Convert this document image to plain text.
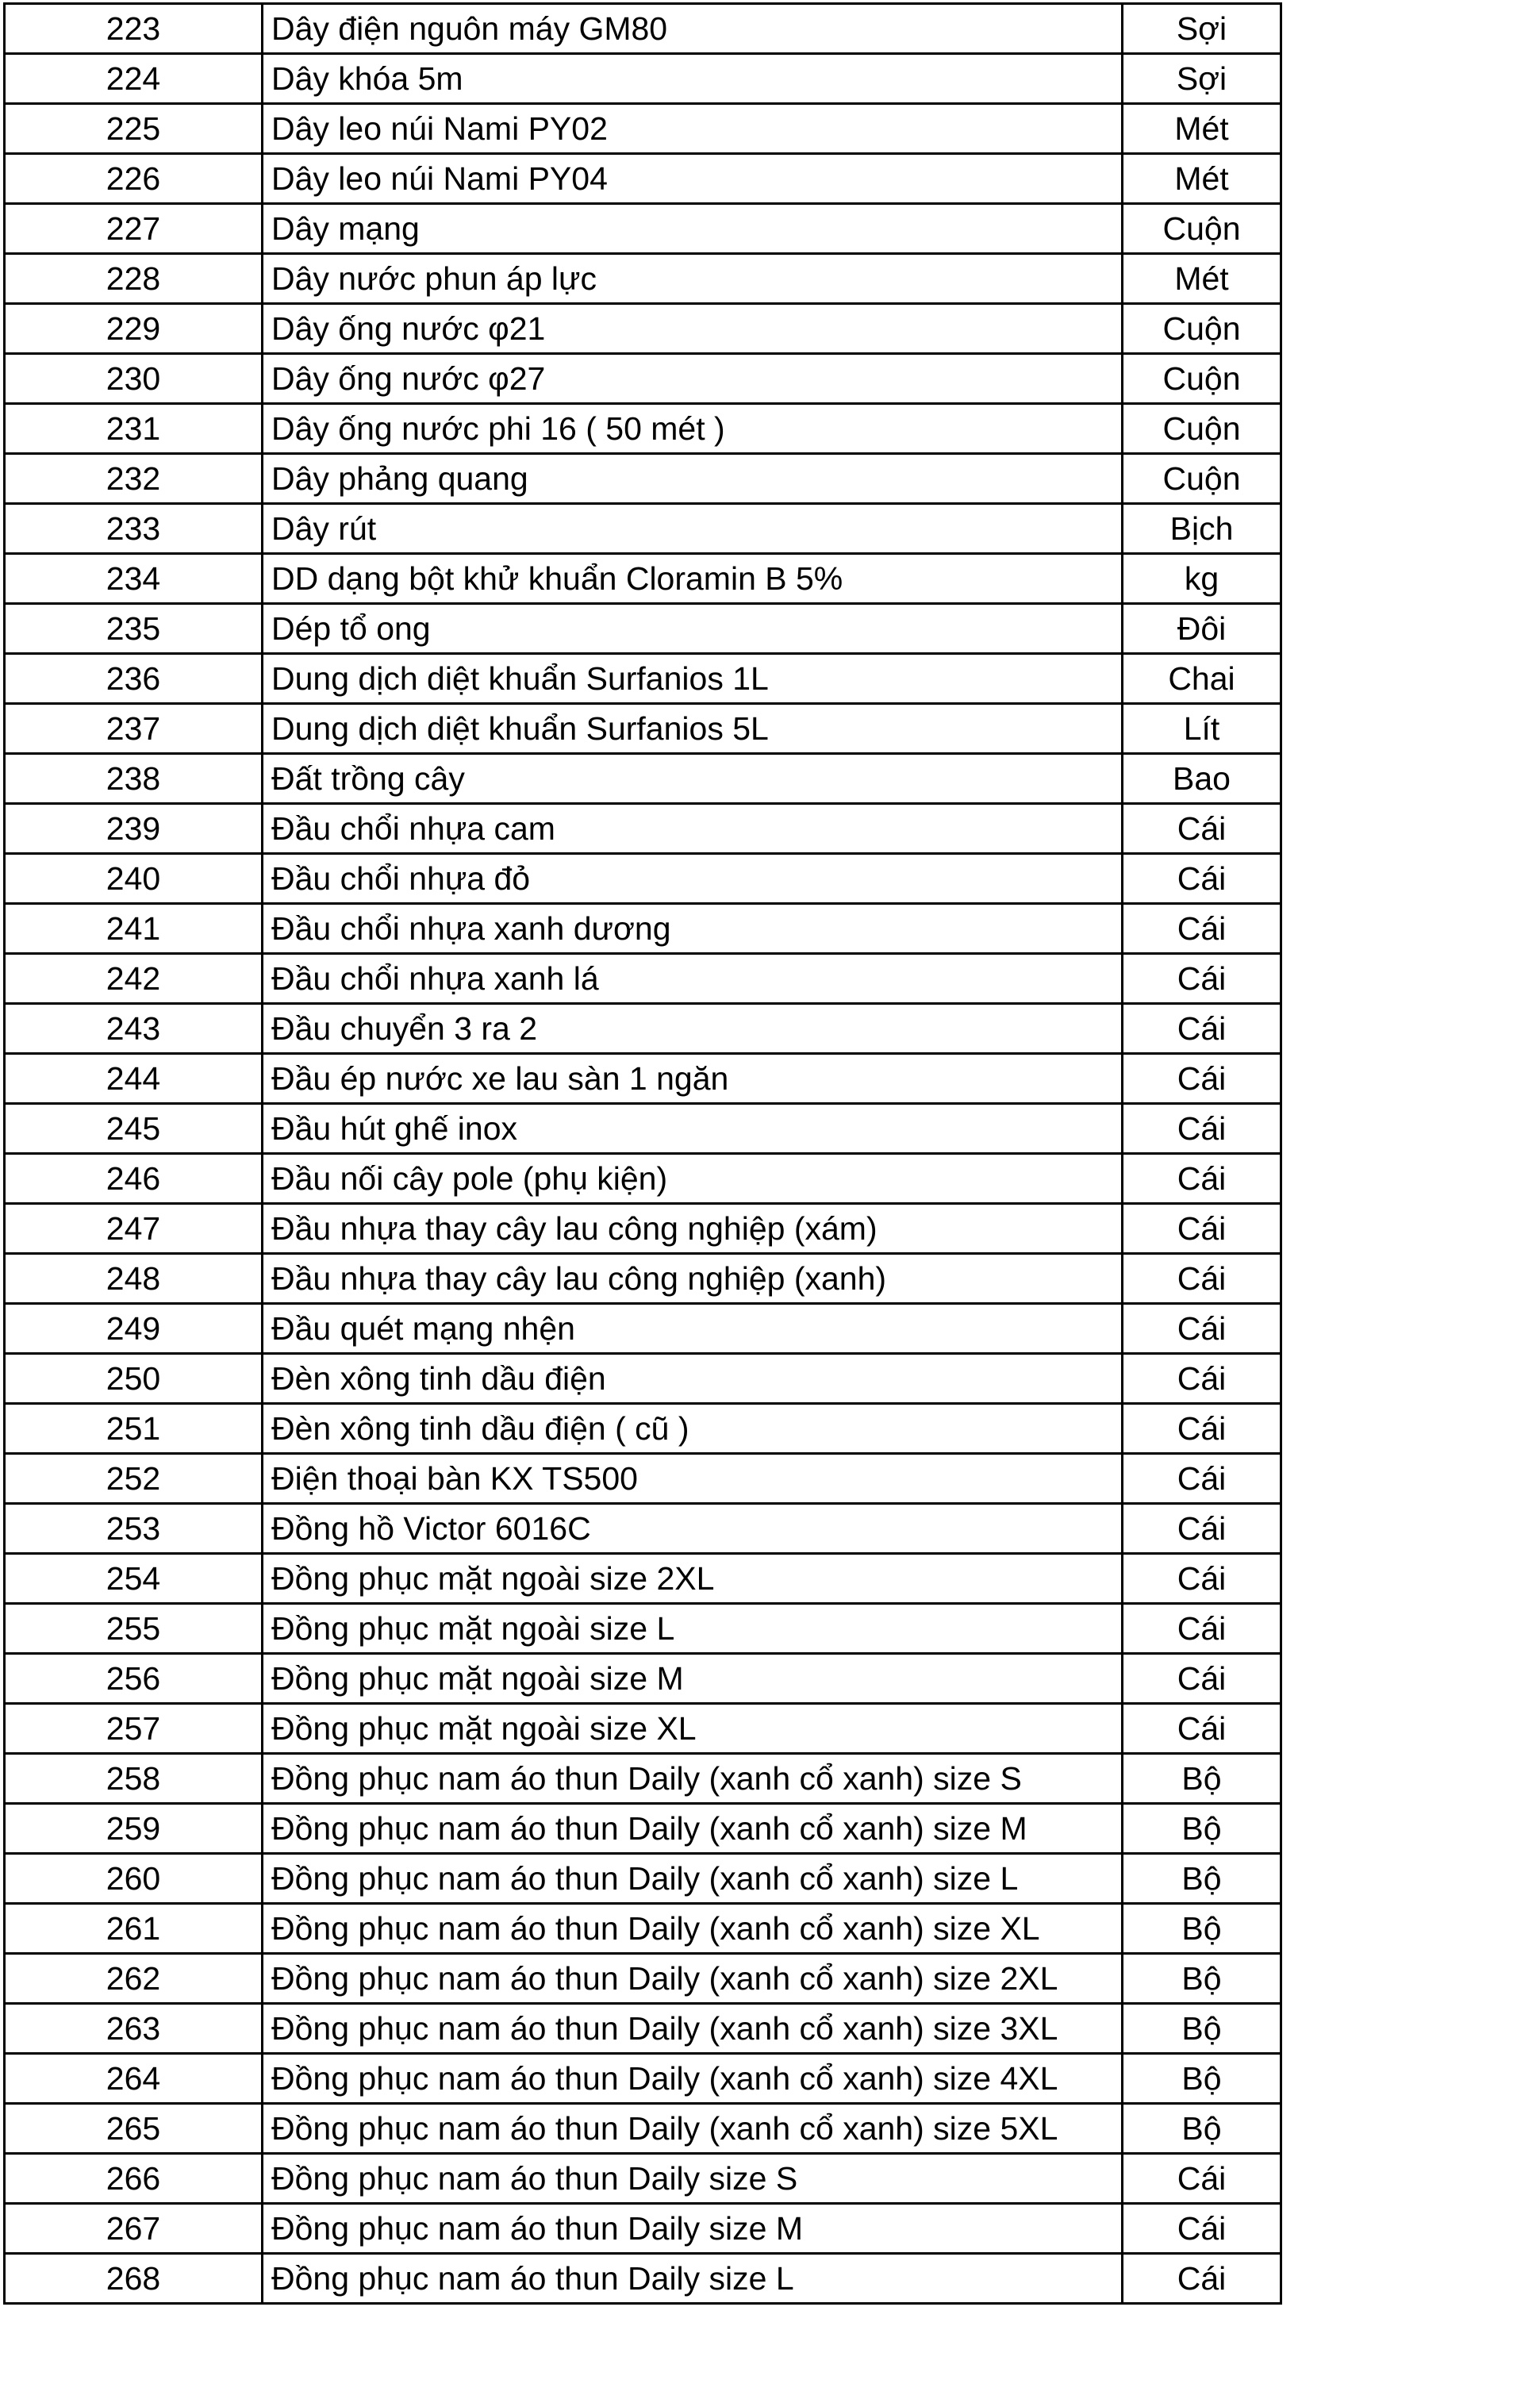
223	Dây điện nguôn máy GM80	Sợi
224	Dây khóa 5m	Sợi
225	Dây leo núi Nami PY02	Mét
226	Dây leo núi Nami PY04	Mét
227	Dây mạng	Cuộn
228	Dây nước phun áp lực	Mét
229	Dây ống nước φ21	Cuộn
230	Dây ống nước φ27	Cuộn
231	Dây ống nước phi 16 ( 50 mét )	Cuộn
232	Dây phảng quang	Cuộn
233	Dây rút	Bịch
234	DD dạng bột khử khuẩn Cloramin B 5%	kg
235	Dép tổ ong	Đôi
236	Dung dịch diệt khuẩn Surfanios 1L	Chai
237	Dung dịch diệt khuẩn Surfanios 5L	Lít
238	Đất trồng cây	Bao
239	Đầu chổi nhựa cam	Cái
240	Đầu chổi nhựa đỏ	Cái
241	Đầu chổi nhựa xanh dương	Cái
242	Đầu chổi nhựa xanh lá	Cái
243	Đầu chuyển 3 ra 2	Cái
244	Đầu ép nước xe lau sàn 1 ngăn	Cái
245	Đầu hút ghế inox	Cái
246	Đầu nối cây pole (phụ kiện)	Cái
247	Đầu nhựa thay cây lau công nghiệp (xám)	Cái
248	Đầu nhựa thay cây lau công nghiệp (xanh)	Cái
249	Đầu quét mạng nhện	Cái
250	Đèn xông tinh dầu điện	Cái
251	Đèn xông tinh dầu điện ( cũ )	Cái
252	Điện thoại bàn KX TS500	Cái
253	Đồng hồ Victor 6016C	Cái
254	Đồng phục mặt ngoài size 2XL	Cái
255	Đồng phục mặt ngoài size L	Cái
256	Đồng phục mặt ngoài size M	Cái
257	Đồng phục mặt ngoài size XL	Cái
258	Đồng phục nam áo thun Daily (xanh cổ xanh) size S	Bộ
259	Đồng phục nam áo thun Daily (xanh cổ xanh) size M	Bộ
260	Đồng phục nam áo thun Daily (xanh cổ xanh) size L	Bộ
261	Đồng phục nam áo thun Daily (xanh cổ xanh) size XL	Bộ
262	Đồng phục nam áo thun Daily (xanh cổ xanh) size 2XL	Bộ
263	Đồng phục nam áo thun Daily (xanh cổ xanh) size 3XL	Bộ
264	Đồng phục nam áo thun Daily (xanh cổ xanh) size 4XL	Bộ
265	Đồng phục nam áo thun Daily (xanh cổ xanh) size 5XL	Bộ
266	Đồng phục nam áo thun Daily size S	Cái
267	Đồng phục nam áo thun Daily size M	Cái
268	Đồng phục nam áo thun Daily size L	Cái
